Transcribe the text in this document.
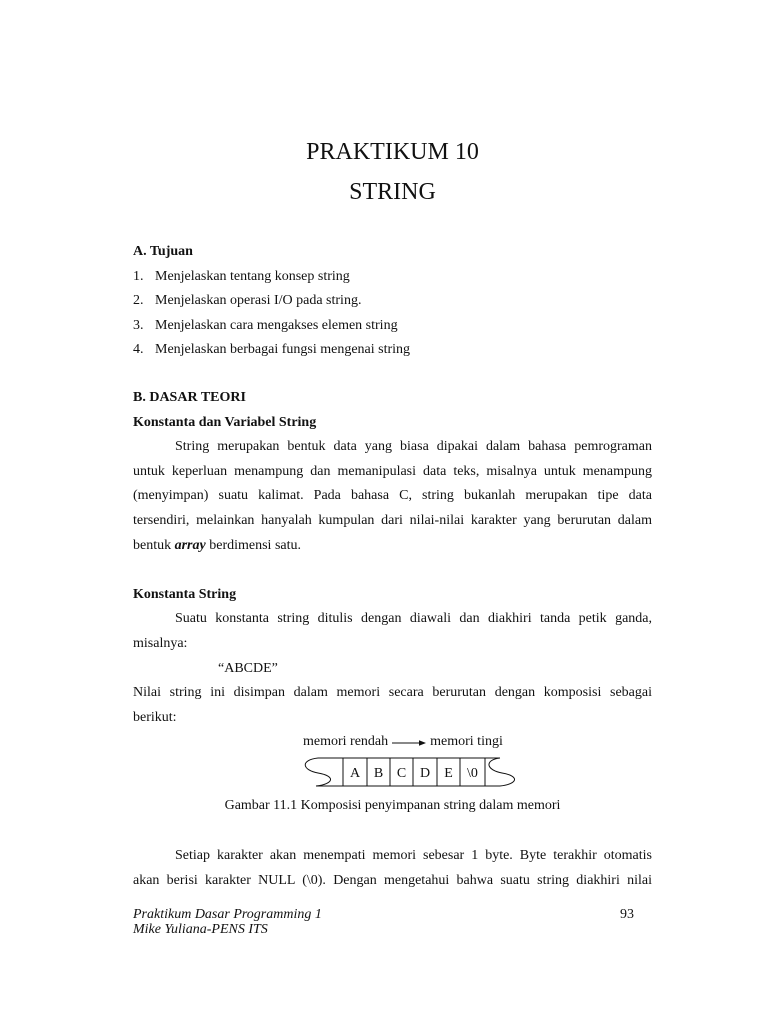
PRAKTIKUM 10
STRING
A. Tujuan
1. Menjelaskan tentang konsep string
2. Menjelaskan operasi I/O pada string.
3. Menjelaskan cara mengakses elemen string
4. Menjelaskan berbagai fungsi mengenai string
B. DASAR TEORI
Konstanta dan Variabel String
String merupakan bentuk data yang biasa dipakai dalam bahasa pemrograman
untuk keperluan menampung dan memanipulasi data teks, misalnya untuk menampung
(menyimpan) suatu kalimat. Pada bahasa C, string bukanlah merupakan tipe data
tersendiri, melainkan hanyalah kumpulan dari nilai-nilai karakter yang berurutan dalam
bentuk array berdimensi satu.
Konstanta String
Suatu konstanta string ditulis dengan diawali dan diakhiri tanda petik ganda,
misalnya:
“ABCDE”
Nilai string ini disimpan dalam memori secara berurutan dengan komposisi sebagai
berikut:
memori rendah	memori tingi
A B C D E \0
Gambar 11.1 Komposisi penyimpanan string dalam memori
Setiap karakter akan menempati memori sebesar 1 byte. Byte terakhir otomatis
akan berisi karakter NULL (\0). Dengan mengetahui bahwa suatu string diakhiri nilai
Praktikum Dasar Programming 1
Mike Yuliana-PENS ITS
93
